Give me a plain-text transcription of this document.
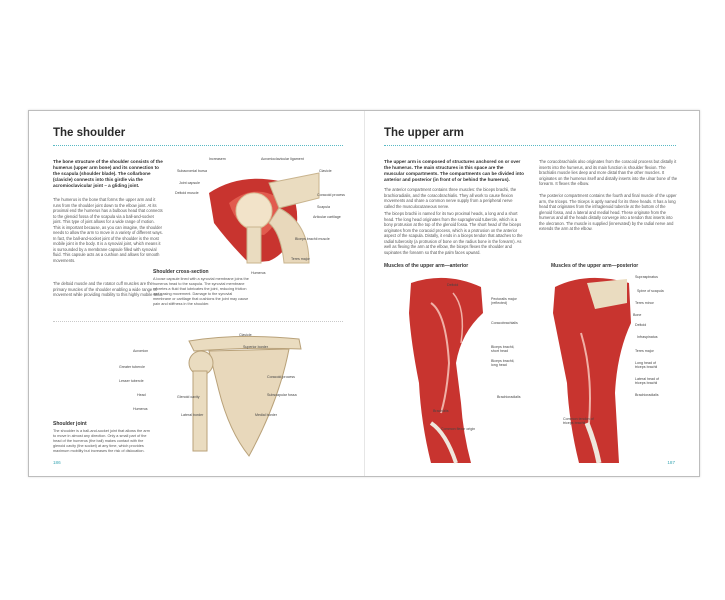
The shoulder

The bone structure of the shoulder consists of the humerus (upper arm bone) and its connection to the scapula (shoulder blade). The collarbone (clavicle) connects into this girdle via the acromioclavicular joint – a gliding joint.

The humerus is the bone that forms the upper arm and it runs from the shoulder joint down to the elbow joint. At its proximal end the humerus has a bulbous head that connects to the glenoid fossa of the scapula via a ball-and-socket joint. This type of joint allows for a wide range of motion. This is important because, as you can imagine, the shoulder needs to allow the arm to move in a variety of different ways. In fact, the ball-and-socket joint of the shoulder is the most mobile joint in the body. It is a synovial joint, which means it is surrounded by a membrane capsule filled with synovial fluid. This capsule acts as a cushion and allows for smooth movements.

The deltoid muscle and the rotator cuff muscles are the primary muscles of the shoulder enabling a wide range of movement while providing mobility to this highly mobile area.

Increasem	Acromioclavicular ligament
Subacromial bursa	Clavicle
Joint capsule
Coracoid process
Deltoid muscle
Scapula
Articular cartilage
Biceps brachii muscle
Teres major
Humerus
Shoulder cross-section

A loose capsule lined with a synovial membrane joins the humerus head to the scapula. The synovial membrane secretes a fluid that lubricates the joint, reducing friction and easing movement. Damage to the synovial membrane or cartilage that cushions the joint may cause pain and stiffness in the shoulder.

Acromion
Clavicle
Greater tubercle
Superior border
Lesser tubercle
Coracoid process
Head	Subscapular fossa
Humerus
Glenoid cavity
Lateral border	Medial border
Shoulder joint

The shoulder is a ball-and-socket joint that allows the arm to move in almost any direction. Only a small part of the head of the humerus (the ball) makes contact with the glenoid cavity (the socket) at any time, which provides maximum mobility but increases the risk of dislocation.

186
The upper arm

The upper arm is composed of structures anchored on or over the humerus. The main structures in this space are the muscular compartments. The compartments can be divided into anterior and posterior (in front of or behind the humerus).

The anterior compartment contains three muscles: the biceps brachii, the brachioradialis, and the coracobrachialis. They all work to cause flexion movements and share a common nerve supply from a peripheral nerve called the musculocutaneous nerve.

The biceps brachii is named for its two proximal heads, a long and a short head. The long head originates from the supraglenoid tubercle, which is a bony protrusion at the top of the glenoid fossa. The short head of the biceps originates from the coracoid process, which is a protrusion on the anterior aspect of the scapula. Distally, it ends in a biceps tendon that attaches to the radial tuberosity (a protrusion of bone on the radius bone in the forearm). As well as flexing the arm at the elbow, the biceps flexes the shoulder and supinates the forearm so that the palm faces upward.

The coracobrachialis also originates from the coracoid process but distally it inserts into the humerus, and its main function is shoulder flexion. The brachialis muscle lies deep and more distal than the other muscles. It originates on the humerus itself and distally inserts into the ulnar bone of the forearm. It flexes the elbow.

The posterior compartment contains the fourth and final muscle of the upper arm, the triceps. The triceps is aptly named for its three heads. It has a long head that originates from the infraglenoid tubercle at the bottom of the glenoid fossa, and a lateral and medial head. These originate from the humerus and all the heads distally converge into a tendon that inserts into the olecranon. The muscle is supplied (innervated) by the radial nerve and extends the arm at the elbow.

Muscles of the upper arm—anterior	Muscles of the upper arm—posterior
Deltoid
Pectoralis major (reflected)
Coracobrachialis
Biceps brachii, short head
Biceps brachii, long head
Brachioradialis
Brachialis
Common flexor origin
Supraspinatus
Spine of scapula
Teres minor
Bone
Deltoid
Infraspinatus
Teres major
Long head of triceps brachii
Lateral head of triceps brachii
Brachioradialis
Common tendon of triceps brachii
187
